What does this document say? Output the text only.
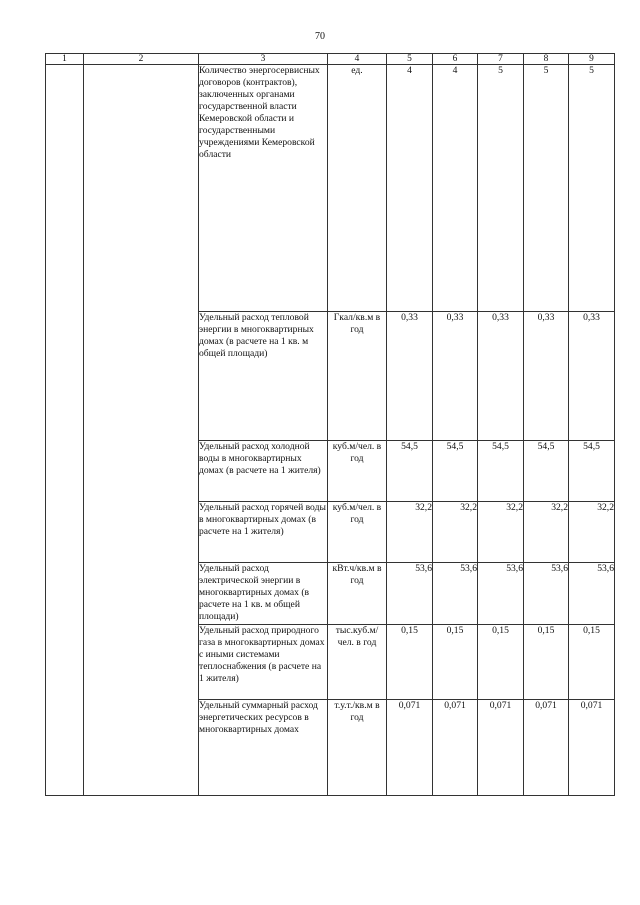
70
1	2	3	4	5	6	7	8	9
		Количество энергосервисных договоров (контрактов), заключенных органами государственной власти Кемеровской области и государственными учреждениями Кемеровской области	ед.	4	4	5	5	5
		Удельный расход тепловой энергии в многоквартирных домах (в расчете на 1 кв. м общей площади)	Гкал/кв.м в год	0,33	0,33	0,33	0,33	0,33
		Удельный расход холодной воды в многоквартирных домах (в расчете на 1 жителя)	куб.м/чел. в год	54,5	54,5	54,5	54,5	54,5
		Удельный расход горячей воды в многоквартирных домах (в расчете на 1 жителя)	куб.м/чел. в год	32,2	32,2	32,2	32,2	32,2
		Удельный расход электрической энергии в многоквартирных домах (в расчете на 1 кв. м общей площади)	кВт.ч/кв.м в год	53,6	53,6	53,6	53,6	53,6
		Удельный расход природного газа в многоквартирных домах с иными системами теплоснабжения (в расчете на 1 жителя)	тыс.куб.м/ чел. в год	0,15	0,15	0,15	0,15	0,15
		Удельный суммарный расход энергетических ресурсов в многоквартирных домах	т.у.т./кв.м в год	0,071	0,071	0,071	0,071	0,071
